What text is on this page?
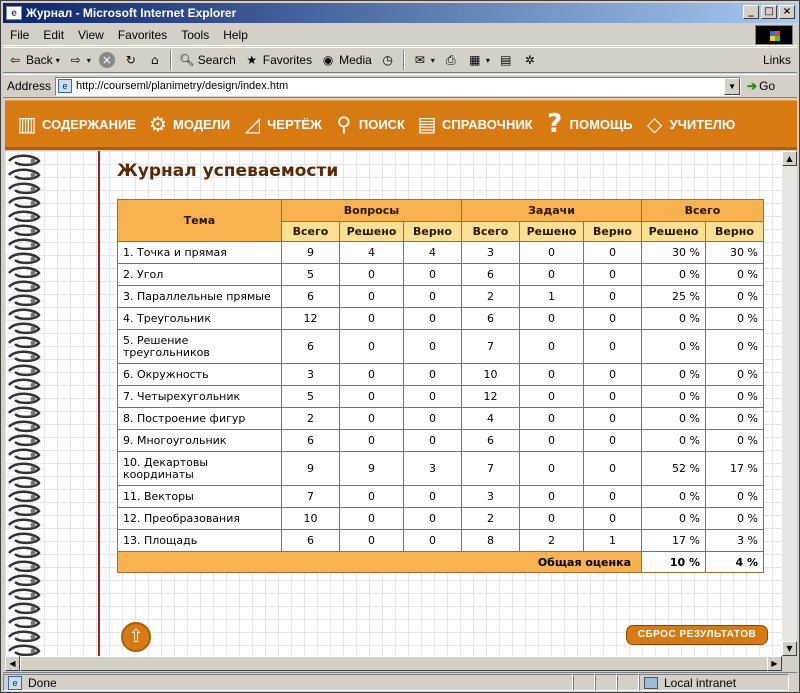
e Журнал - Microsoft Internet Explorer	_	□ ×
File	Edit	View	Favorites	Tools	Help
⇦ Back ▾ ⇨ ▾ × ↻	⌂	🔍︎ Search ★ Favorites ◉ Media ◷ ✉ ▾ ⎙ ▦ ▾ ▤ ✲	Links
Address	e http://courseml/planimetry/design/index.htm	▼ ➔ Go
▥ СОДЕРЖАНИЕ ⚙ МОДЕЛИ ◿ ЧЕРТЁЖ ⚲ ПОИСК ▤ СПРАВОЧНИК ? ПОМОЩЬ ◇ УЧИТЕЛЮ
Журнал успеваемости
Тема	Вопросы			Задачи			Всего	
	Всего	Решено	Верно	Всего	Решено	Верно	Решено	Верно
1. Точка и прямая	9	4	4	3	0	0	30 %	30 %
2. Угол	5	0	0	6	0	0	0 %	0 %
3. Параллельные прямые	6	0	0	2	1	0	25 %	0 %
4. Треугольник	12	0	0	6	0	0	0 %	0 %
5. Решение треугольников	6	0	0	7	0	0	0 %	0 %
6. Окружность	3	0	0	10	0	0	0 %	0 %
7. Четырехугольник	5	0	0	12	0	0	0 %	0 %
8. Построение фигур	2	0	0	4	0	0	0 %	0 %
9. Многоугольник	6	0	0	6	0	0	0 %	0 %
10. Декартовы координаты	9	9	3	7	0	0	52 %	17 %
11. Векторы	7	0	0	3	0	0	0 %	0 %
12. Преобразования	10	0	0	2	0	0	0 %	0 %
13. Площадь	6	0	0	8	2	1	17 %	3 %
Общая оценка							10 %	4 %
⇧	СБРОС РЕЗУЛЬТАТОВ
▲
▼
◀	▶
e Done	Local intranet
